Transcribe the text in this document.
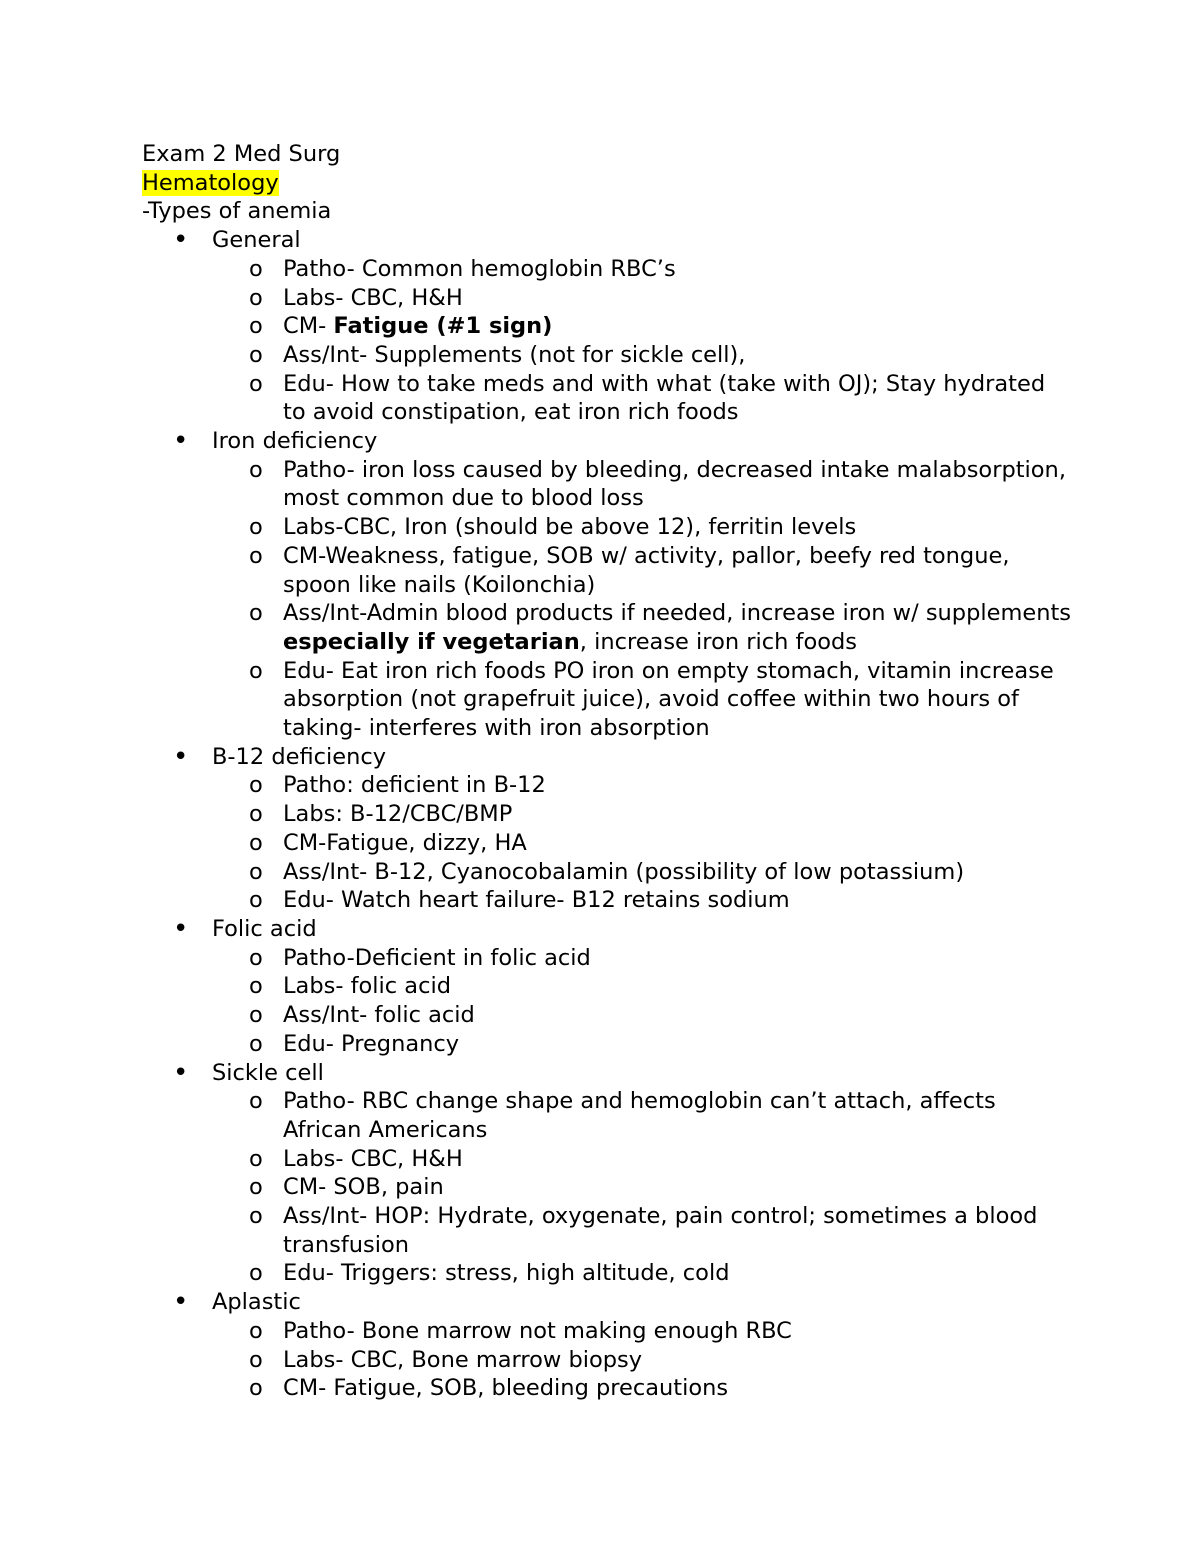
Exam 2 Med Surg
Hematology
-Types of anemia
• General
o Patho- Common hemoglobin RBC’s
o Labs- CBC, H&H
o CM- Fatigue (#1 sign)
o Ass/Int- Supplements (not for sickle cell),
o Edu- How to take meds and with what (take with OJ); Stay hydrated to avoid constipation, eat iron rich foods
• Iron deficiency
o Patho- iron loss caused by bleeding, decreased intake malabsorption, most common due to blood loss
o Labs-CBC, Iron (should be above 12), ferritin levels
o CM-Weakness, fatigue, SOB w/ activity, pallor, beefy red tongue, spoon like nails (Koilonchia)
o Ass/Int-Admin blood products if needed, increase iron w/ supplements especially if vegetarian, increase iron rich foods
o Edu- Eat iron rich foods PO iron on empty stomach, vitamin increase absorption (not grapefruit juice), avoid coffee within two hours of taking- interferes with iron absorption
• B-12 deficiency
o Patho: deficient in B-12
o Labs: B-12/CBC/BMP
o CM-Fatigue, dizzy, HA
o Ass/Int- B-12, Cyanocobalamin (possibility of low potassium)
o Edu- Watch heart failure- B12 retains sodium
• Folic acid
o Patho-Deficient in folic acid
o Labs- folic acid
o Ass/Int- folic acid
o Edu- Pregnancy
• Sickle cell
o Patho- RBC change shape and hemoglobin can’t attach, affects African Americans
o Labs- CBC, H&H
o CM- SOB, pain
o Ass/Int- HOP: Hydrate, oxygenate, pain control; sometimes a blood transfusion
o Edu- Triggers: stress, high altitude, cold
• Aplastic
o Patho- Bone marrow not making enough RBC
o Labs- CBC, Bone marrow biopsy
o CM- Fatigue, SOB, bleeding precautions
